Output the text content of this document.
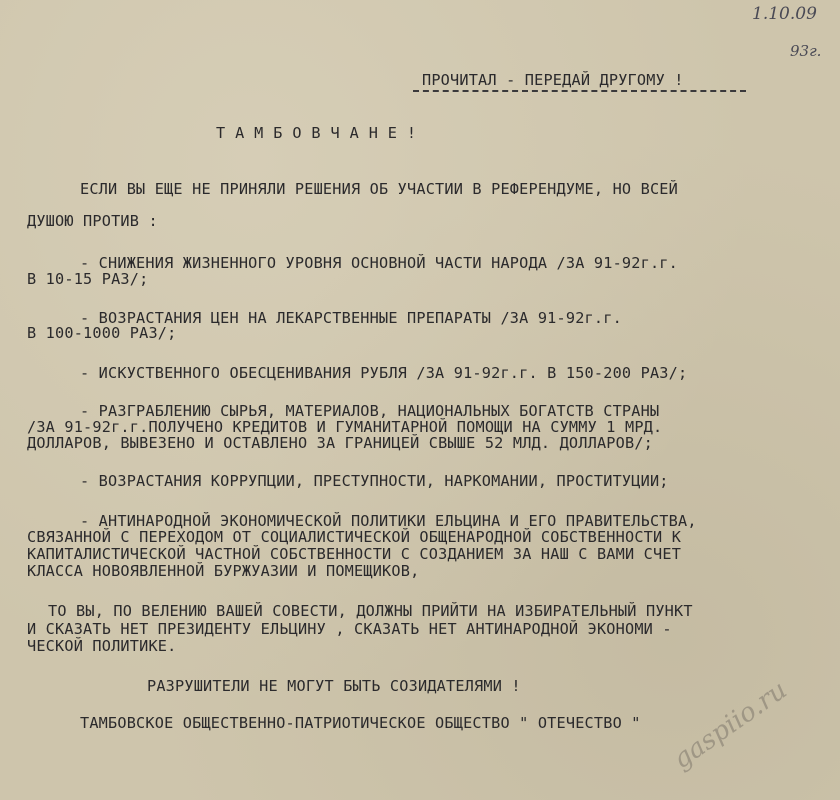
1.10.09

93г.

ПРОЧИТАЛ - ПЕРЕДАЙ ДРУГОМУ !

Т А М Б О В Ч А Н Е !

ЕСЛИ ВЫ ЕЩЕ НЕ ПРИНЯЛИ РЕШЕНИЯ ОБ УЧАСТИИ В РЕФЕРЕНДУМЕ, НО ВСЕЙ

ДУШОЮ ПРОТИВ :

- СНИЖЕНИЯ ЖИЗНЕННОГО УРОВНЯ ОСНОВНОЙ ЧАСТИ НАРОДА /ЗА 91-92г.г.

В 10-15 РАЗ/;

- ВОЗРАСТАНИЯ ЦЕН НА ЛЕКАРСТВЕННЫЕ ПРЕПАРАТЫ /ЗА 91-92г.г.

В 100-1000 РАЗ/;

- ИСКУСТВЕННОГО ОБЕСЦЕНИВАНИЯ РУБЛЯ /ЗА 91-92г.г. В 150-200 РАЗ/;

- РАЗГРАБЛЕНИЮ СЫРЬЯ, МАТЕРИАЛОВ, НАЦИОНАЛЬНЫХ БОГАТСТВ СТРАНЫ

/ЗА 91-92г.г.ПОЛУЧЕНО КРЕДИТОВ И ГУМАНИТАРНОЙ ПОМОЩИ НА СУММУ 1 МРД.

ДОЛЛАРОВ, ВЫВЕЗЕНО И ОСТАВЛЕНО ЗА ГРАНИЦЕЙ СВЫШЕ 52 МЛД. ДОЛЛАРОВ/;

- ВОЗРАСТАНИЯ КОРРУПЦИИ, ПРЕСТУПНОСТИ, НАРКОМАНИИ, ПРОСТИТУЦИИ;

- АНТИНАРОДНОЙ ЭКОНОМИЧЕСКОЙ ПОЛИТИКИ ЕЛЬЦИНА И ЕГО ПРАВИТЕЛЬСТВА,

СВЯЗАННОЙ С ПЕРЕХОДОМ ОТ СОЦИАЛИСТИЧЕСКОЙ ОБЩЕНАРОДНОЙ СОБСТВЕННОСТИ К

КАПИТАЛИСТИЧЕСКОЙ ЧАСТНОЙ СОБСТВЕННОСТИ С СОЗДАНИЕМ ЗА НАШ С ВАМИ СЧЕТ

КЛАССА НОВОЯВЛЕННОЙ БУРЖУАЗИИ И ПОМЕЩИКОВ,

ТО ВЫ, ПО ВЕЛЕНИЮ ВАШЕЙ СОВЕСТИ, ДОЛЖНЫ ПРИЙТИ НА ИЗБИРАТЕЛЬНЫЙ ПУНКТ

И СКАЗАТЬ НЕТ ПРЕЗИДЕНТУ ЕЛЬЦИНУ , СКАЗАТЬ НЕТ АНТИНАРОДНОЙ ЭКОНОМИ -

ЧЕСКОЙ ПОЛИТИКЕ.

РАЗРУШИТЕЛИ НЕ МОГУТ БЫТЬ СОЗИДАТЕЛЯМИ !

ТАМБОВСКОЕ ОБЩЕСТВЕННО-ПАТРИОТИЧЕСКОЕ ОБЩЕСТВО " ОТЕЧЕСТВО " gaspiio.ru
